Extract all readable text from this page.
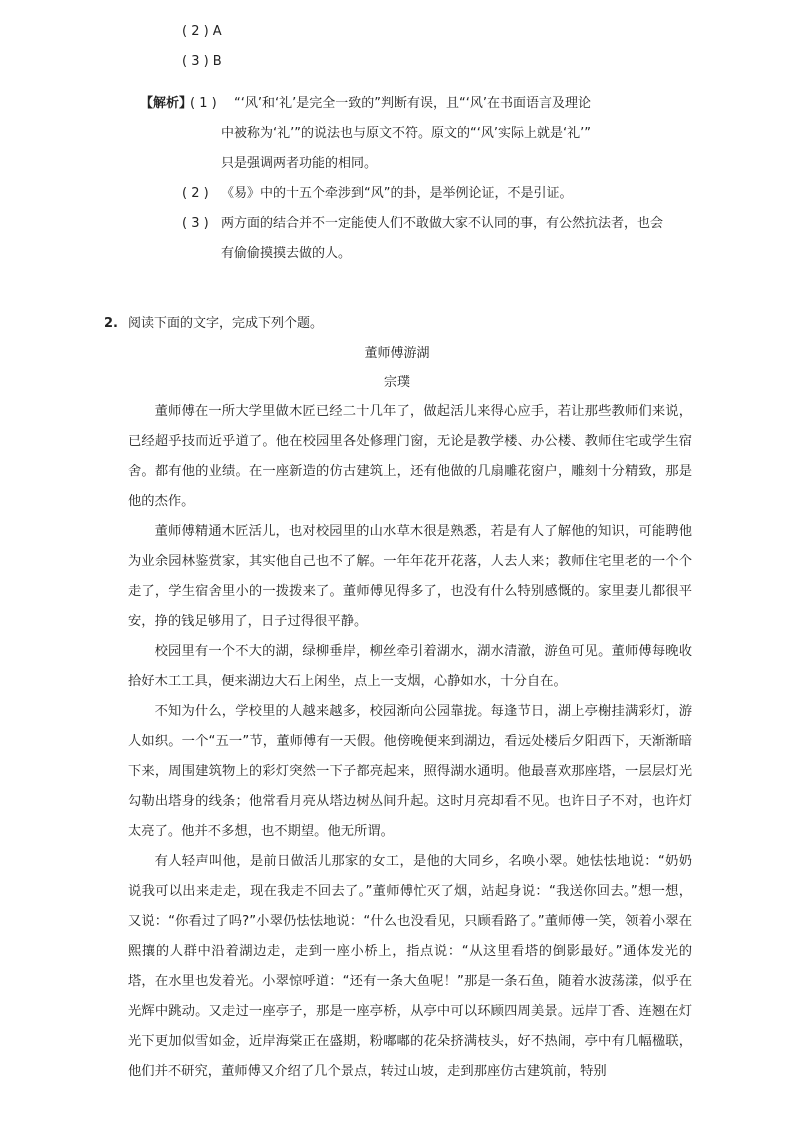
( 2 ) A
( 3 ) B
【解析】
( 1 ) “‘风’和‘礼’是完全一致的”判断有误，且“‘风’在书面语言及理论
中被称为‘礼’”的说法也与原文不符。原文的“‘风’实际上就是‘礼’”
只是强调两者功能的相同。
( 2 ) 《易》中的十五个牵涉到“风”的卦，是举例论证，不是引证。
( 3 ) 两方面的结合并不一定能使人们不敢做大家不认同的事，有公然抗法者，也会
有偷偷摸摸去做的人。
2. 阅读下面的文字，完成下列个题。
董师傅游湖
宗璞

董师傅在一所大学里做木匠已经二十几年了，做起活儿来得心应手，若让那些教师们来说，已经超乎技而近乎道了。他在校园里各处修理门窗，无论是教学楼、办公楼、教师住宅或学生宿舍。都有他的业绩。在一座新造的仿古建筑上，还有他做的几扇雕花窗户，雕刻十分精致，那是他的杰作。

董师傅精通木匠活儿，也对校园里的山水草木很是熟悉，若是有人了解他的知识，可能聘他为业余园林鉴赏家，其实他自己也不了解。一年年花开花落，人去人来；教师住宅里老的一个个走了，学生宿舍里小的一拨拨来了。董师傅见得多了，也没有什么特别感慨的。家里妻儿都很平安，挣的钱足够用了，日子过得很平静。

校园里有一个不大的湖，绿柳垂岸，柳丝牵引着湖水，湖水清澈，游鱼可见。董师傅每晚收拾好木工工具，便来湖边大石上闲坐，点上一支烟，心静如水，十分自在。

不知为什么，学校里的人越来越多，校园渐向公园靠拢。每逢节日，湖上亭榭挂满彩灯，游人如织。一个“五一”节，董师傅有一天假。他傍晚便来到湖边，看远处楼后夕阳西下，天渐渐暗下来，周围建筑物上的彩灯突然一下子都亮起来，照得湖水通明。他最喜欢那座塔，一层层灯光勾勒出塔身的线条；他常看月亮从塔边树丛间升起。这时月亮却看不见。也许日子不对，也许灯太亮了。他并不多想，也不期望。他无所谓。

有人轻声叫他，是前日做活儿那家的女工，是他的大同乡，名唤小翠。她怯怯地说：“奶奶说我可以出来走走，现在我走不回去了。”董师傅忙灭了烟，站起身说：“我送你回去。”想一想，又说：“你看过了吗?”小翠仍怯怯地说：“什么也没看见，只顾看路了。”董师傅一笑，领着小翠在熙攘的人群中沿着湖边走，走到一座小桥上，指点说：“从这里看塔的倒影最好。”通体发光的塔，在水里也发着光。小翠惊呼道：“还有一条大鱼呢！”那是一条石鱼，随着水波荡漾，似乎在光辉中跳动。又走过一座亭子，那是一座亭桥，从亭中可以环顾四周美景。远岸丁香、连翘在灯光下更加似雪如金，近岸海棠正在盛期，粉嘟嘟的花朵挤满枝头，好不热闹，亭中有几幅楹联，他们并不研究，董师傅又介绍了几个景点，转过山坡，走到那座仿古建筑前，特别
